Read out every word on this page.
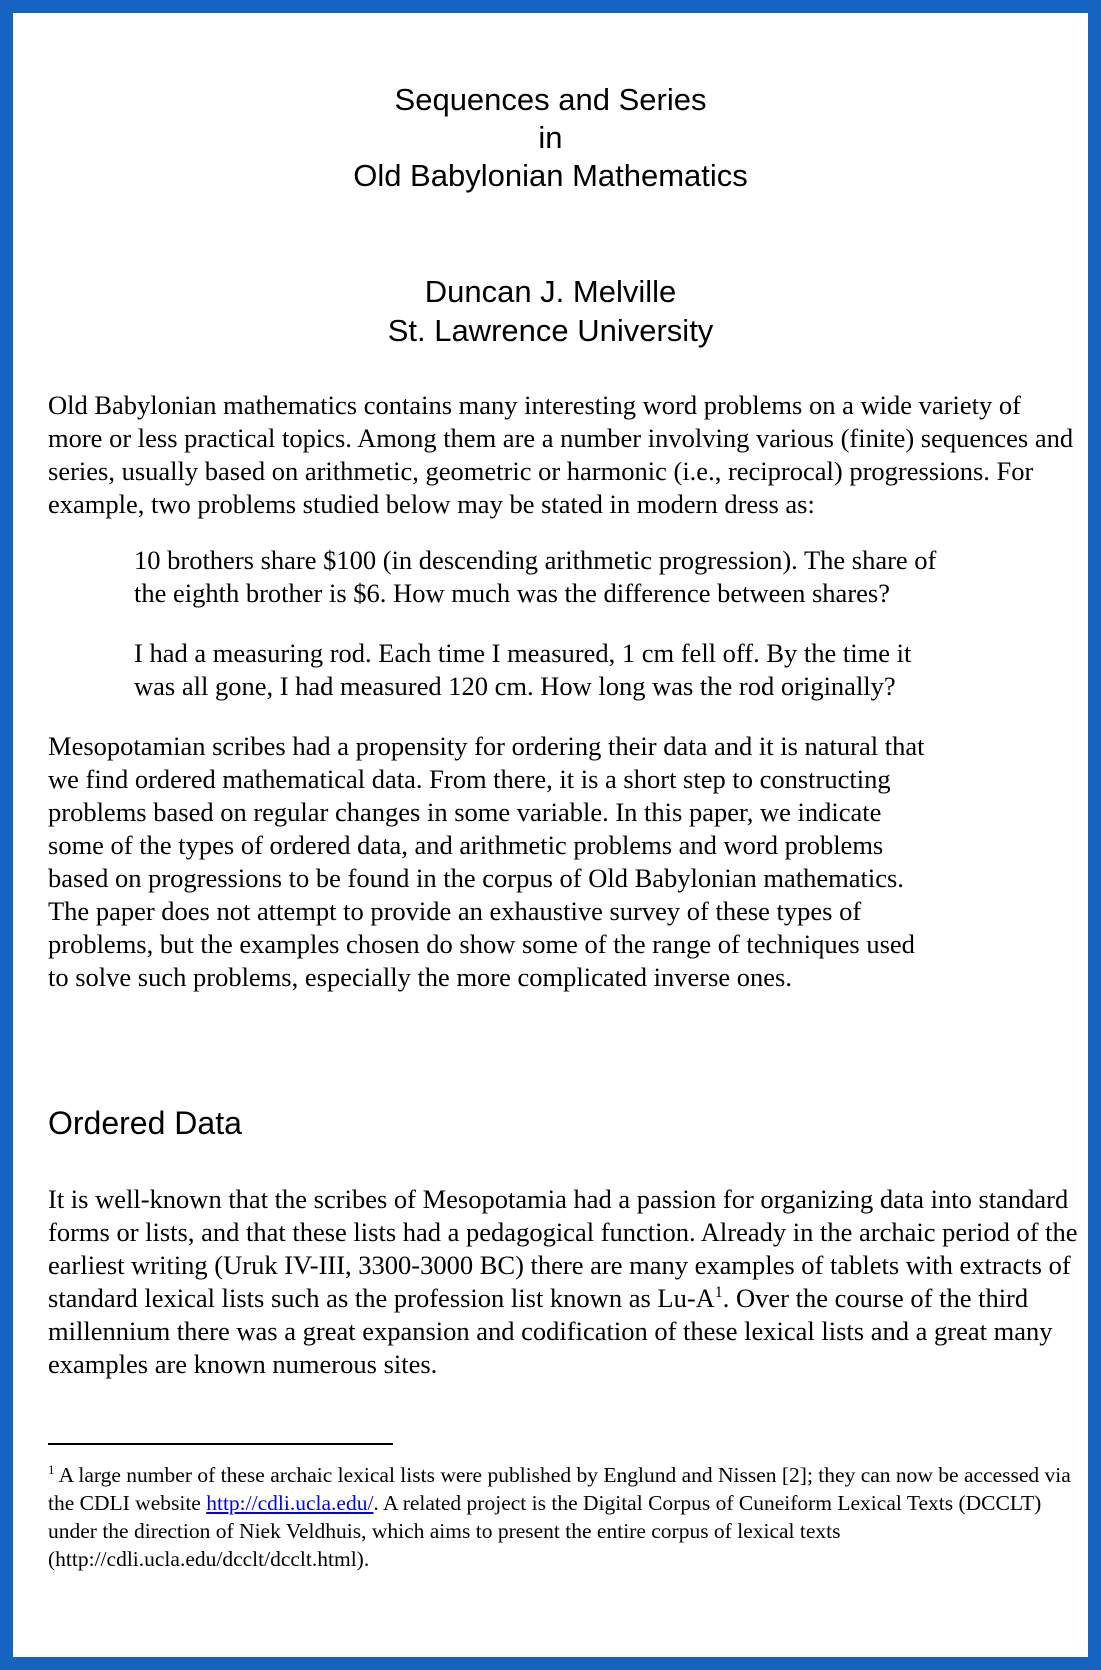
Sequences and Series
in
Old Babylonian Mathematics
Duncan J. Melville
St. Lawrence University

Old Babylonian mathematics contains many interesting word problems on a wide variety of more or less practical topics. Among them are a number involving various (finite) sequences and series, usually based on arithmetic, geometric or harmonic (i.e., reciprocal) progressions. For example, two problems studied below may be stated in modern dress as:

10 brothers share $100 (in descending arithmetic progression). The share of the eighth brother is $6. How much was the difference between shares?

I had a measuring rod. Each time I measured, 1 cm fell off. By the time it was all gone, I had measured 120 cm. How long was the rod originally?

Mesopotamian scribes had a propensity for ordering their data and it is natural that we find ordered mathematical data. From there, it is a short step to constructing problems based on regular changes in some variable. In this paper, we indicate some of the types of ordered data, and arithmetic problems and word problems based on progressions to be found in the corpus of Old Babylonian mathematics. The paper does not attempt to provide an exhaustive survey of these types of problems, but the examples chosen do show some of the range of techniques used to solve such problems, especially the more complicated inverse ones.

Ordered Data

It is well-known that the scribes of Mesopotamia had a passion for organizing data into standard forms or lists, and that these lists had a pedagogical function. Already in the archaic period of the earliest writing (Uruk IV-III, 3300-3000 BC) there are many examples of tablets with extracts of standard lexical lists such as the profession list known as $Lu-A^1$. Over the course of the third millennium there was a great expansion and codification of these lexical lists and a great many examples are known numerous sites.

$^1$ A large number of these archaic lexical lists were published by Englund and Nissen [2]; they can now be accessed via the CDLI website http://cdli.ucla.edu/. A related project is the Digital Corpus of Cuneiform Lexical Texts (DCCLT) under the direction of Niek Veldhuis, which aims to present the entire corpus of lexical texts (http://cdli.ucla.edu/dcclt/dcclt.html).
